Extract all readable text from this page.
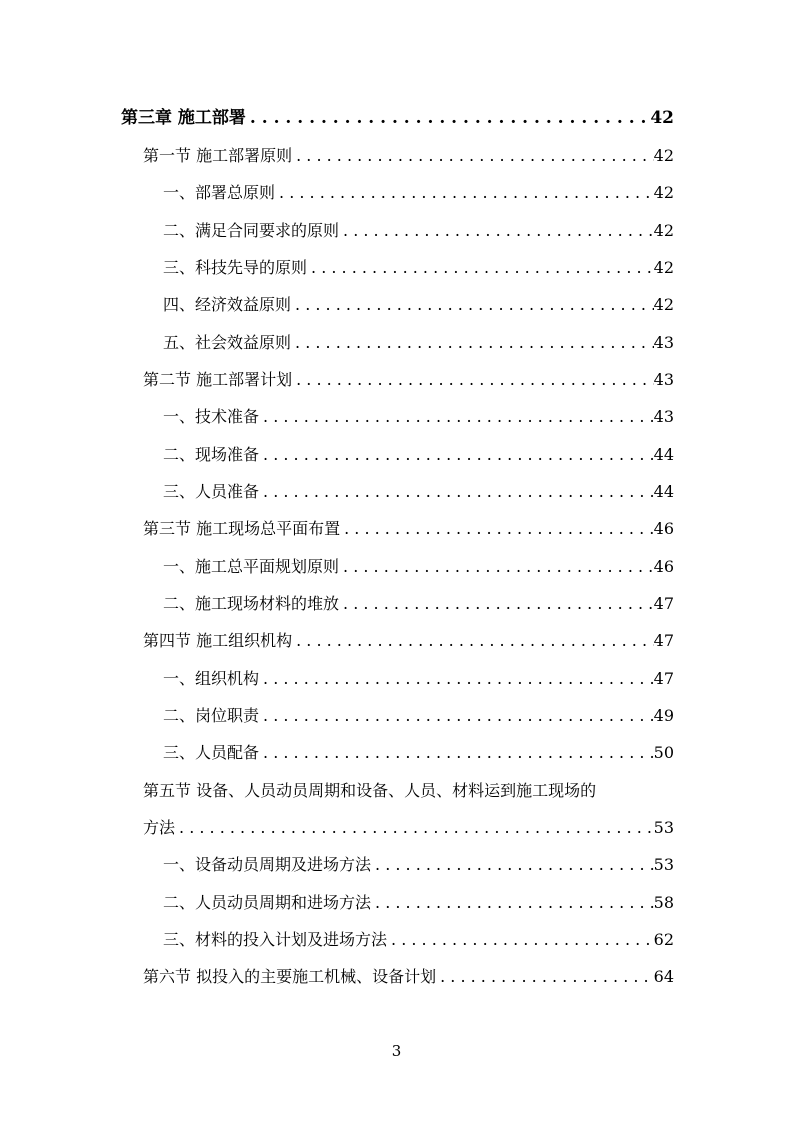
第三章 施工部署 . . .	42
第一节 施工部署原则 . . .	42
一、部署总原则 . . .	42
二、满足合同要求的原则 . . .	42
三、科技先导的原则 . . .	42
四、经济效益原则 . . .	42
五、社会效益原则 . . .	43
第二节 施工部署计划 . . .	43
一、技术准备 . . .	43
二、现场准备 . . .	44
三、人员准备 . . .	44
第三节 施工现场总平面布置 . . .	46
一、施工总平面规划原则 . . .	46
二、施工现场材料的堆放 . . .	47
第四节 施工组织机构 . . .	47
一、组织机构 . . .	47
二、岗位职责 . . .	49
三、人员配备 . . .	50
第五节 设备、人员动员周期和设备、人员、材料运到施工现场的
方法 . . .	53
一、设备动员周期及进场方法 . . .	53
二、人员动员周期和进场方法 . . .	58
三、材料的投入计划及进场方法 . . .	62
第六节 拟投入的主要施工机械、设备计划 . . .	64
3
